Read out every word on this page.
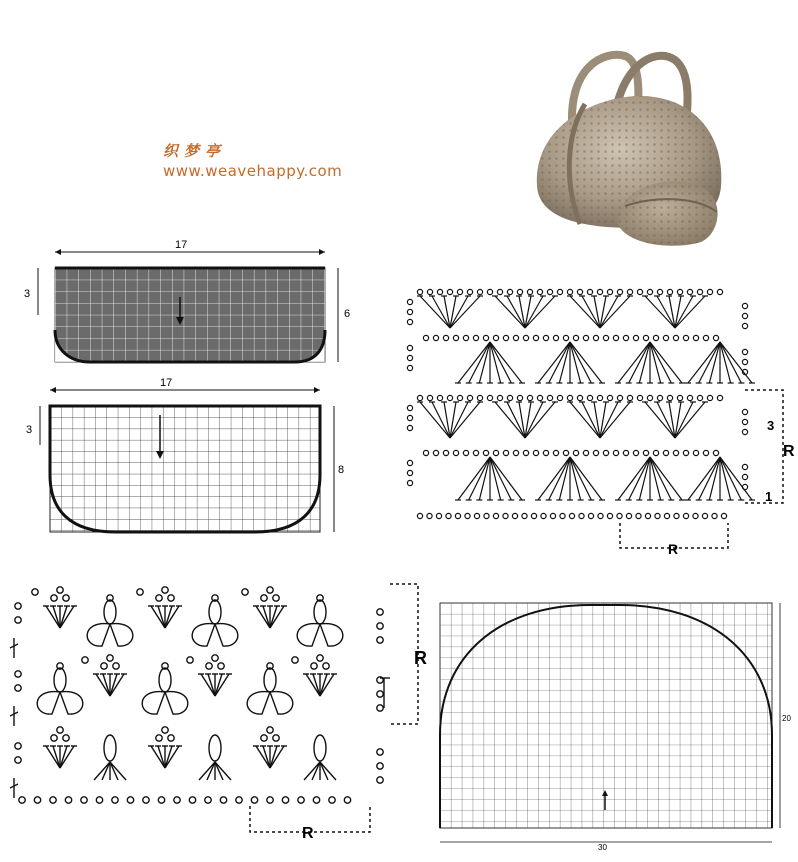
织梦亭
www.weavehappy.com
17
3
6
17
3
8
3
R
1
R
R
R
30
20
